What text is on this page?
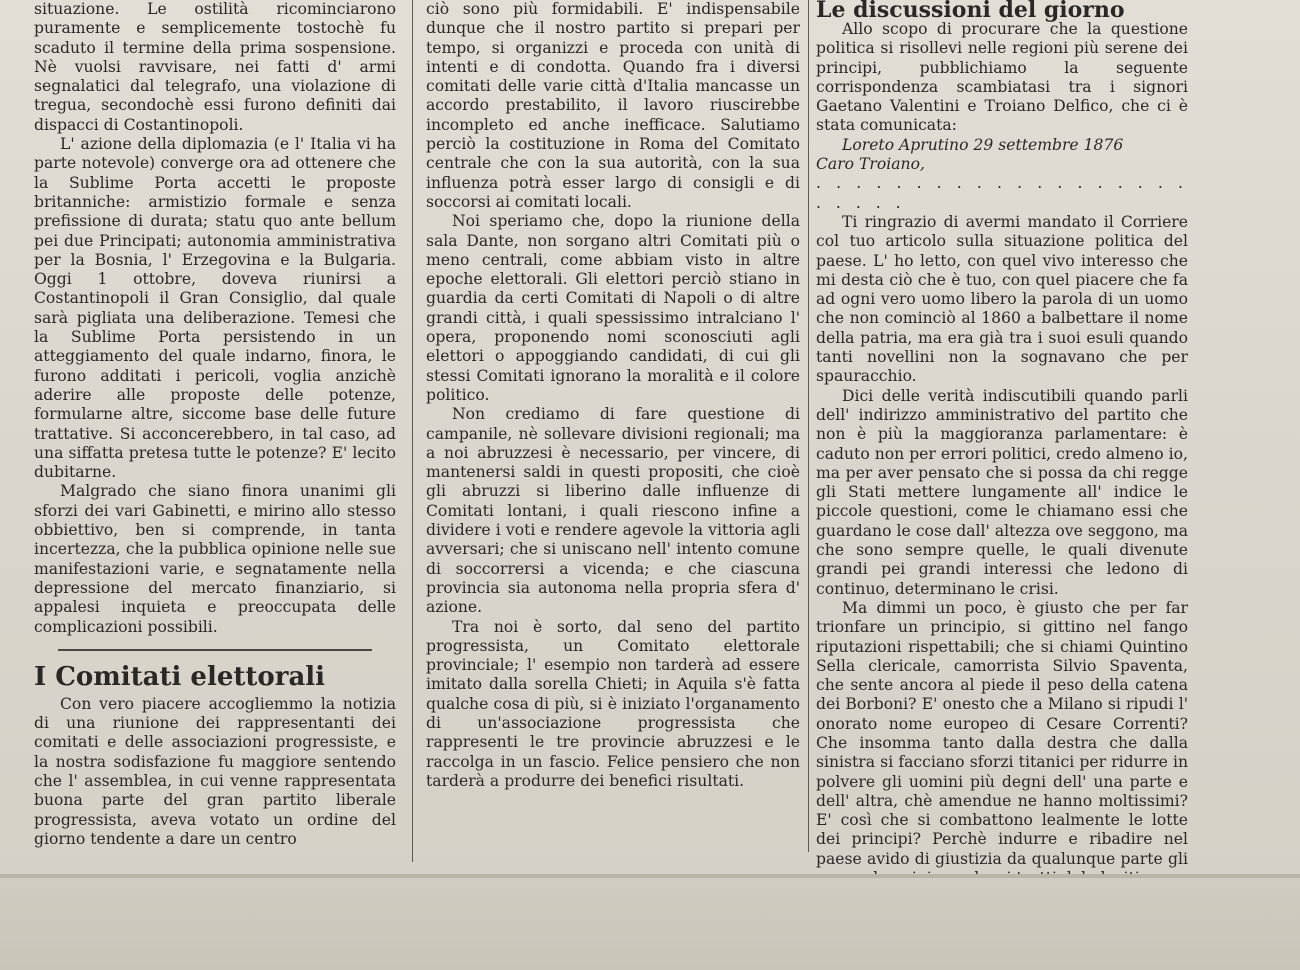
situazione. Le ostilità ricominciarono puramente e semplicemente tostochè fu scaduto il termine della prima sospensione. Nè vuolsi ravvisare, nei fatti d' armi segnalatici dal telegrafo, una violazione di tregua, secondochè essi furono definiti dai dispacci di Costantinopoli.

L' azione della diplomazia (e l' Italia vi ha parte notevole) converge ora ad ottenere che la Sublime Porta accetti le proposte britanniche: armistizio formale e senza prefissione di durata; statu quo ante bellum pei due Principati; autonomia amministrativa per la Bosnia, l' Erzegovina e la Bulgaria. Oggi 1 ottobre, doveva riunirsi a Costantinopoli il Gran Consiglio, dal quale sarà pigliata una deliberazione. Temesi che la Sublime Porta persistendo in un atteggiamento del quale indarno, finora, le furono additati i pericoli, voglia anzichè aderire alle proposte delle potenze, formularne altre, siccome base delle future trattative. Si acconcerebbero, in tal caso, ad una siffatta pretesa tutte le potenze? E' lecito dubitarne.

Malgrado che siano finora unanimi gli sforzi dei vari Gabinetti, e mirino allo stesso obbiettivo, ben si comprende, in tanta incertezza, che la pubblica opinione nelle sue manifestazioni varie, e segnatamente nella depressione del mercato finanziario, si appalesi inquieta e preoccupata delle complicazioni possibili.

I Comitati elettorali

Con vero piacere accogliemmo la notizia di una riunione dei rappresentanti dei comitati e delle associazioni progressiste, e la nostra sodisfazione fu maggiore sentendo che l' assemblea, in cui venne rappresentata buona parte del gran partito liberale progressista, aveva votato un ordine del giorno tendente a dare un centro

ciò sono più formidabili. E' indispensabile dunque che il nostro partito si prepari per tempo, si organizzi e proceda con unità di intenti e di condotta. Quando fra i diversi comitati delle varie città d'Italia mancasse un accordo prestabilito, il lavoro riuscirebbe incompleto ed anche inefficace. Salutiamo perciò la costituzione in Roma del Comitato centrale che con la sua autorità, con la sua influenza potrà esser largo di consigli e di soccorsi ai comitati locali.

Noi speriamo che, dopo la riunione della sala Dante, non sorgano altri Comitati più o meno centrali, come abbiam visto in altre epoche elettorali. Gli elettori perciò stiano in guardia da certi Comitati di Napoli o di altre grandi città, i quali spessissimo intralciano l' opera, proponendo nomi sconosciuti agli elettori o appoggiando candidati, di cui gli stessi Comitati ignorano la moralità e il colore politico.

Non crediamo di fare questione di campanile, nè sollevare divisioni regionali; ma a noi abruzzesi è necessario, per vincere, di mantenersi saldi in questi propositi, che cioè gli abruzzi si liberino dalle influenze di Comitati lontani, i quali riescono infine a dividere i voti e rendere agevole la vittoria agli avversari; che si uniscano nell' intento comune di soccorrersi a vicenda; e che ciascuna provincia sia autonoma nella propria sfera d' azione.

Tra noi è sorto, dal seno del partito progressista, un Comitato elettorale provinciale; l' esempio non tarderà ad essere imitato dalla sorella Chieti; in Aquila s'è fatta qualche cosa di più, si è iniziato l'organamento di un'associazione progressista che rappresenti le tre provincie abruzzesi e le raccolga in un fascio. Felice pensiero che non tarderà a produrre dei benefici risultati.

Le discussioni del giorno

Allo scopo di procurare che la questione politica si risollevi nelle regioni più serene dei principi, pubblichiamo la seguente corrispondenza scambiatasi tra i signori Gaetano Valentini e Troiano Delfico, che ci è stata comunicata:

Loreto Aprutino 29 settembre 1876

Caro Troiano,

. . . . . . . . . . . . . . . . . . . . . . . .

Ti ringrazio di avermi mandato il Corriere col tuo articolo sulla situazione politica del paese. L' ho letto, con quel vivo interesso che mi desta ciò che è tuo, con quel piacere che fa ad ogni vero uomo libero la parola di un uomo che non cominciò al 1860 a balbettare il nome della patria, ma era già tra i suoi esuli quando tanti novellini non la sognavano che per spauracchio.

Dici delle verità indiscutibili quando parli dell' indirizzo amministrativo del partito che non è più la maggioranza parlamentare: è caduto non per errori politici, credo almeno io, ma per aver pensato che si possa da chi regge gli Stati mettere lungamente all' indice le piccole questioni, come le chiamano essi che guardano le cose dall' altezza ove seggono, ma che sono sempre quelle, le quali divenute grandi pei grandi interessi che ledono di continuo, determinano le crisi.

Ma dimmi un poco, è giusto che per far trionfare un principio, si gittino nel fango riputazioni rispettabili; che si chiami Quintino Sella clericale, camorrista Silvio Spaventa, che sente ancora al piede il peso della catena dei Borboni? E' onesto che a Milano si ripudi l' onorato nome europeo di Cesare Correnti? Che insomma tanto dalla destra che dalla sinistra si facciano sforzi titanici per ridurre in polvere gli uomini più degni dell' una parte e dell' altra, chè amendue ne hanno moltissimi? E' così che si combattono lealmente le lotte dei principi? Perchè indurre e ribadire nel paese avido di giustizia da qualunque parte gli
